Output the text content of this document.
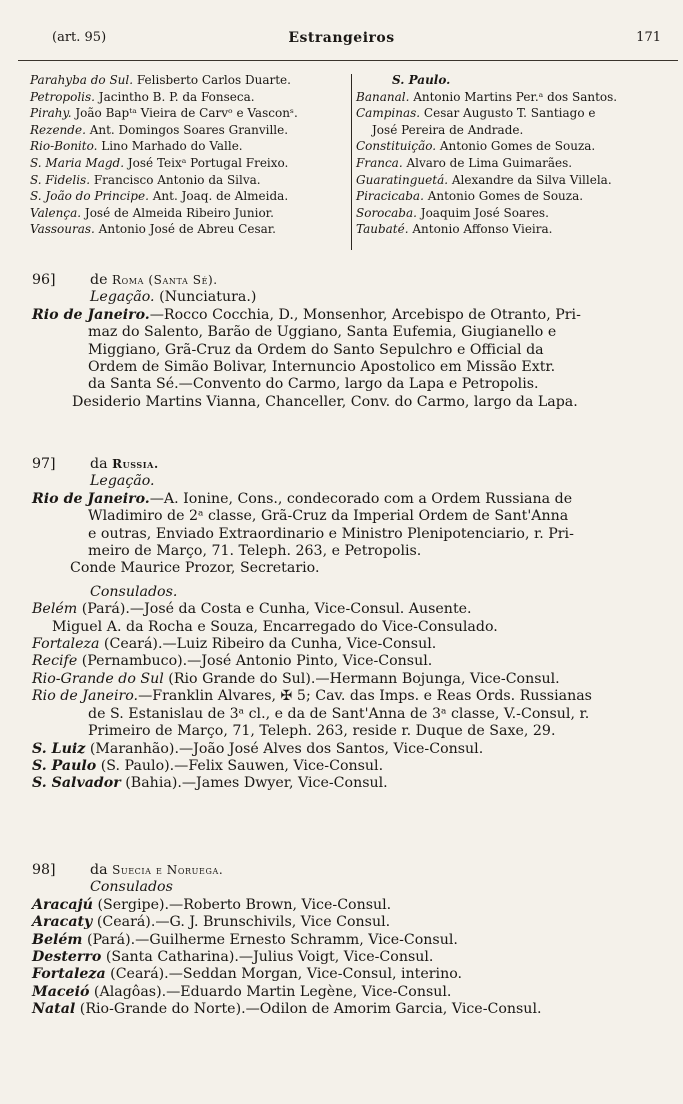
(art. 95)	Estrangeiros	171
Parahyba do Sul. Felisberto Carlos Duarte.
Petropolis. Jacintho B. P. da Fonseca.
Pirahy. João Bapᵗᵃ Vieira de Carvᵒ e Vasconˢ.
Rezende. Ant. Domingos Soares Granville.
Rio-Bonito. Lino Marhado do Valle.
S. Maria Magd. José Teixᵃ Portugal Freixo.
S. Fidelis. Francisco Antonio da Silva.
S. João do Principe. Ant. Joaq. de Almeida.
Valença. José de Almeida Ribeiro Junior.
Vassouras. Antonio José de Abreu Cesar.
S. Paulo.
Bananal. Antonio Martins Per.ᵃ dos Santos.
Campinas. Cesar Augusto T. Santiago e
José Pereira de Andrade.
Constituição. Antonio Gomes de Souza.
Franca. Alvaro de Lima Guimarães.
Guaratinguetá. Alexandre da Silva Villela.
Piracicaba. Antonio Gomes de Souza.
Sorocaba. Joaquim José Soares.
Taubaté. Antonio Affonso Vieira.
96] de Roma (Santa Sé).
Legação. (Nunciatura.)
Rio de Janeiro.—Rocco Cocchia, D., Monsenhor, Arcebispo de Otranto, Pri-
maz do Salento, Barão de Uggiano, Santa Eufemia, Giugianello e
Miggiano, Grã-Cruz da Ordem do Santo Sepulchro e Official da
Ordem de Simão Bolivar, Internuncio Apostolico em Missão Extr.
da Santa Sé.—Convento do Carmo, largo da Lapa e Petropolis.
Desiderio Martins Vianna, Chanceller, Conv. do Carmo, largo da Lapa.
97] da Russia.
Legação.
Rio de Janeiro.—A. Ionine, Cons., condecorado com a Ordem Russiana de
Wladimiro de 2ᵃ classe, Grã-Cruz da Imperial Ordem de Sant'Anna
e outras, Enviado Extraordinario e Ministro Plenipotenciario, r. Pri-
meiro de Março, 71. Teleph. 263, e Petropolis.
Conde Maurice Prozor, Secretario.
Consulados.
Belém (Pará).—José da Costa e Cunha, Vice-Consul. Ausente.
Miguel A. da Rocha e Souza, Encarregado do Vice-Consulado.
Fortaleza (Ceará).—Luiz Ribeiro da Cunha, Vice-Consul.
Recife (Pernambuco).—José Antonio Pinto, Vice-Consul.
Rio-Grande do Sul (Rio Grande do Sul).—Hermann Bojunga, Vice-Consul.
Rio de Janeiro.—Franklin Alvares, ✠ 5; Cav. das Imps. e Reas Ords. Russianas
de S. Estanislau de 3ᵃ cl., e da de Sant'Anna de 3ᵃ classe, V.-Consul, r.
Primeiro de Março, 71, Teleph. 263, reside r. Duque de Saxe, 29.
S. Luiz (Maranhão).—João José Alves dos Santos, Vice-Consul.
S. Paulo (S. Paulo).—Felix Sauwen, Vice-Consul.
S. Salvador (Bahia).—James Dwyer, Vice-Consul.
98] da Suecia e Noruega.
Consulados
Aracajú (Sergipe).—Roberto Brown, Vice-Consul.
Aracaty (Ceará).—G. J. Brunschivils, Vice Consul.
Belém (Pará).—Guilherme Ernesto Schramm, Vice-Consul.
Desterro (Santa Catharina).—Julius Voigt, Vice-Consul.
Fortaleza (Ceará).—Seddan Morgan, Vice-Consul, interino.
Maceió (Alagôas).—Eduardo Martin Legène, Vice-Consul.
Natal (Rio-Grande do Norte).—Odilon de Amorim Garcia, Vice-Consul.
